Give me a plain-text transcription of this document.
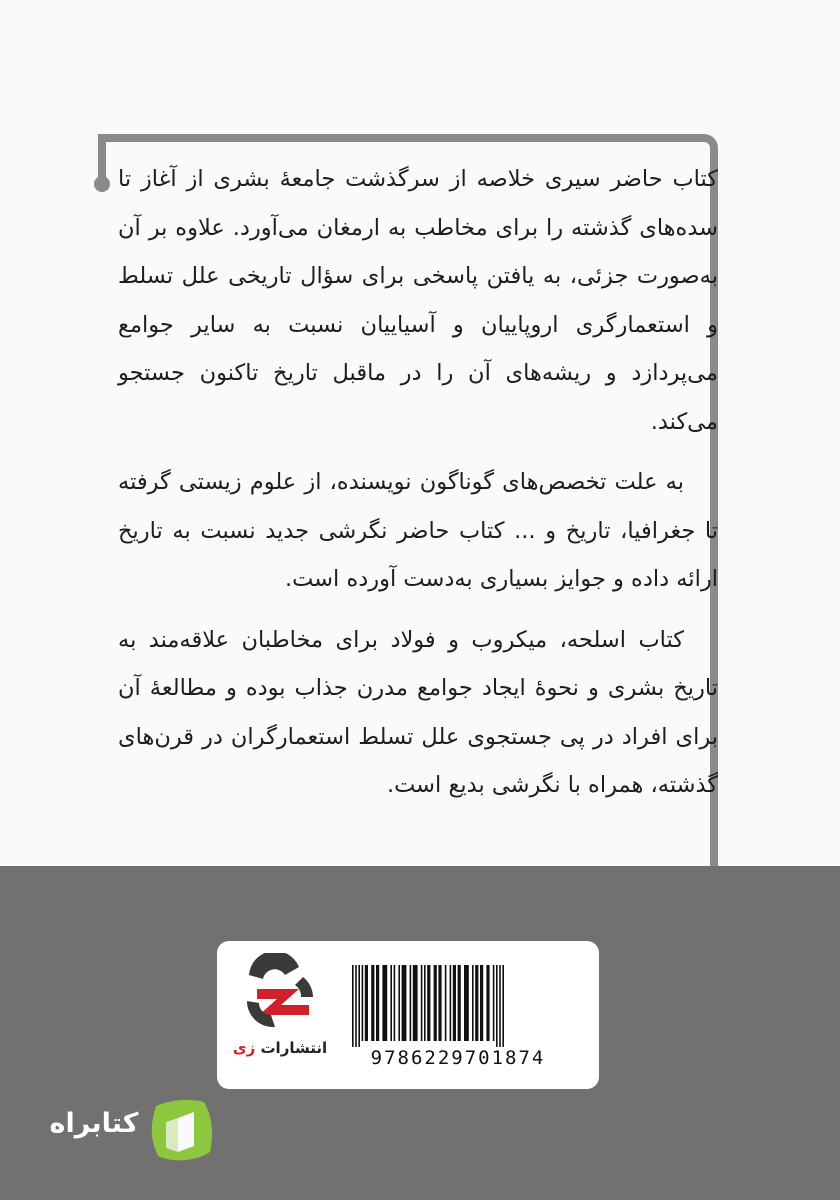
کتاب حاضر سیری خلاصه از سرگذشت جامعهٔ بشری از آغاز تا سده‌های گذشته را برای مخاطب به ارمغان می‌آورد. علاوه بر آن به‌صورت جزئی، به یافتن پاسخی برای سؤال تاریخی علل تسلط و استعمارگری اروپاییان و آسیاییان نسبت به سایر جوامع می‌پردازد و ریشه‌های آن را در ماقبل تاریخ تاکنون جستجو می‌کند.

به علت تخصص‌های گوناگون نویسنده، از علوم زیستی گرفته تا جغرافیا، تاریخ و ... کتاب حاضر نگرشی جدید نسبت به تاریخ ارائه داده و جوایز بسیاری به‌دست آورده است.

کتاب اسلحه، میکروب و فولاد برای مخاطبان علاقه‌مند به تاریخ بشری و نحوهٔ ایجاد جوامع مدرن جذاب بوده و مطالعهٔ آن برای افراد در پی جستجوی علل تسلط استعمارگران در قرن‌های گذشته، همراه با نگرشی بدیع است.

انتشارات زی	9786229701874
کتابراه
